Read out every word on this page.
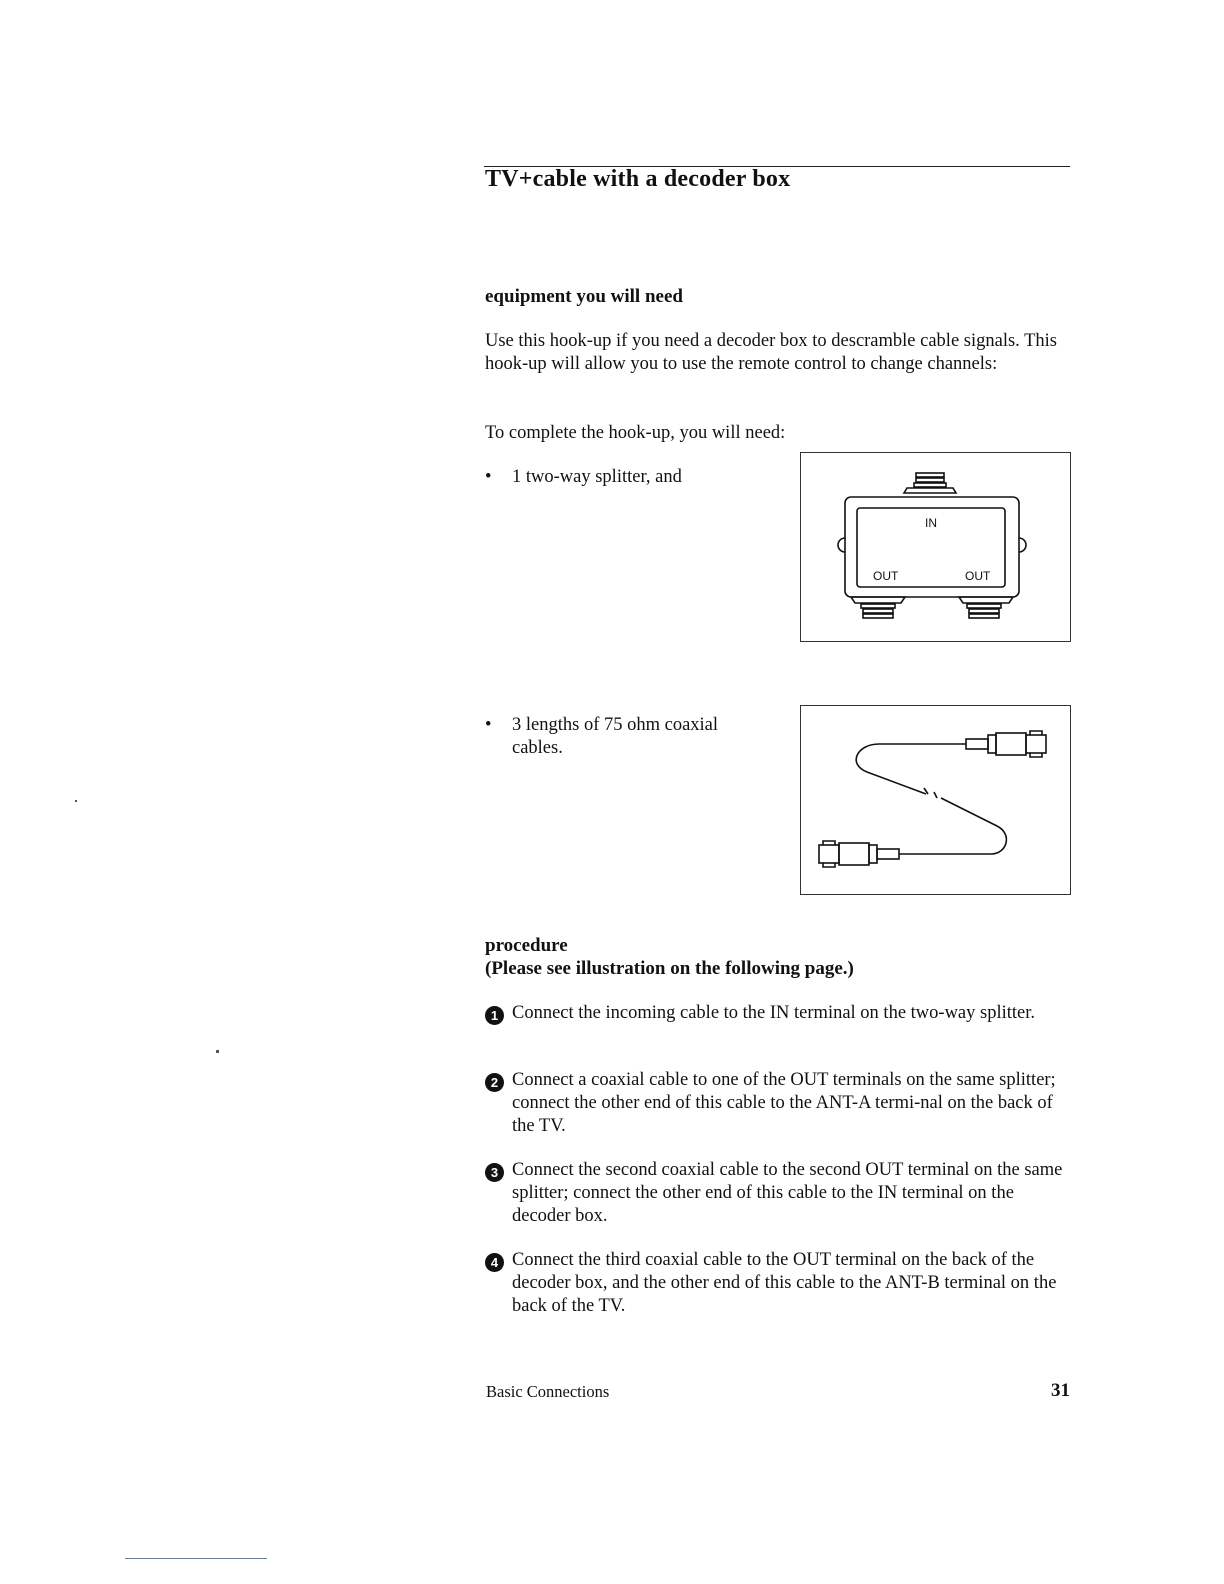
TV+cable with a decoder box
equipment you will need
Use this hook-up if you need a decoder box to descramble cable signals. This hook-up will allow you to use the remote control to change channels:
To complete the hook-up, you will need:
• 1 two-way splitter, and
IN
OUT	OUT
• 3 lengths of 75 ohm coaxial cables.
procedure
(Please see illustration on the following page.)
1 Connect the incoming cable to the IN terminal on the two-way splitter.
2 Connect a coaxial cable to one of the OUT terminals on the same splitter; connect the other end of this cable to the ANT-A termi-nal on the back of the TV.
3 Connect the second coaxial cable to the second OUT terminal on the same splitter; connect the other end of this cable to the IN terminal on the decoder box.
4 Connect the third coaxial cable to the OUT terminal on the back of the decoder box, and the other end of this cable to the ANT-B terminal on the back of the TV.
Basic Connections	31
